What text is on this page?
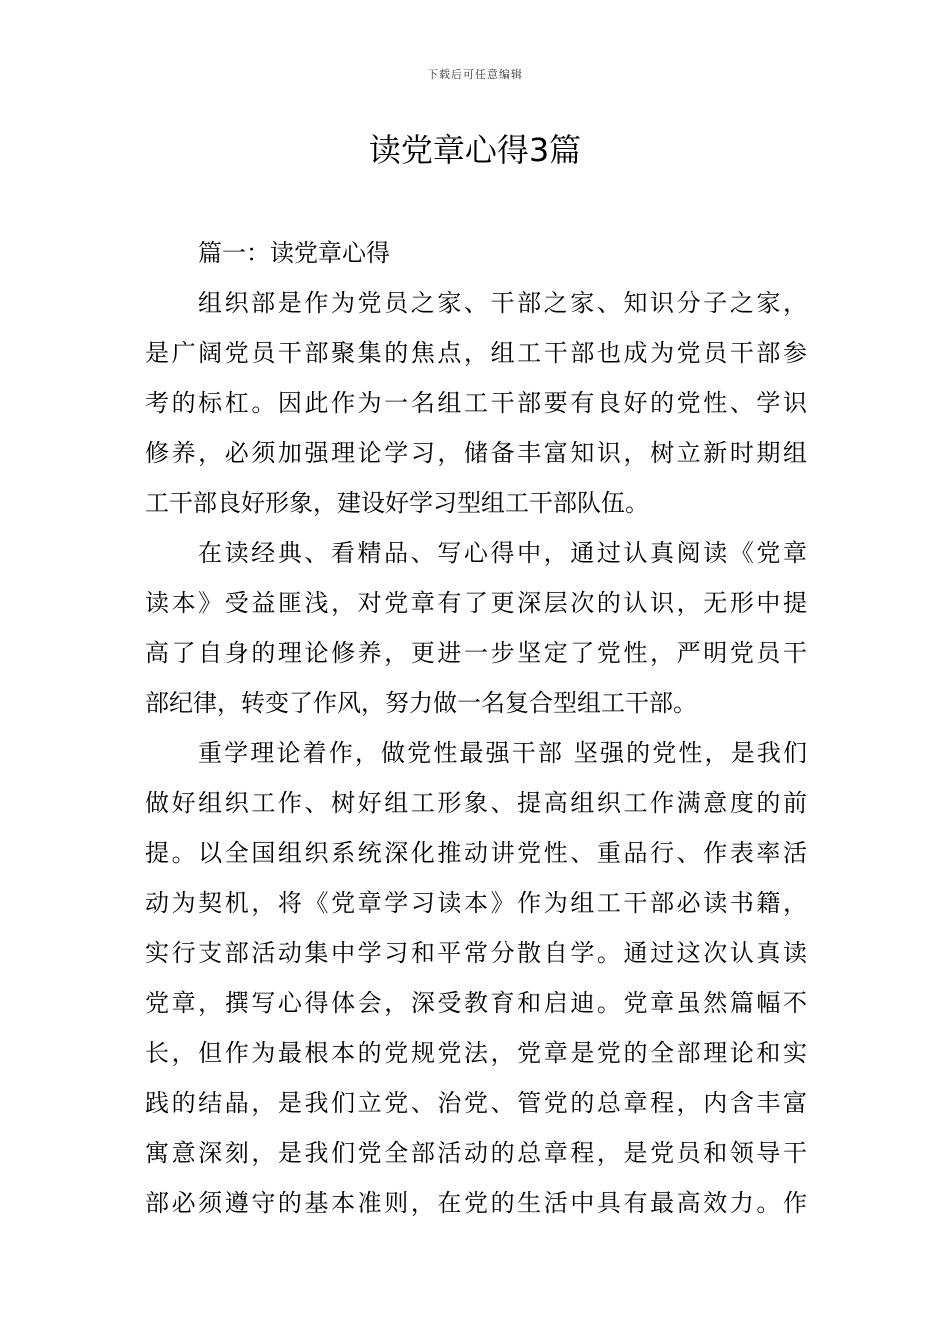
下载后可任意编辑
读党章心得3篇
篇一：读党章心得
组织部是作为党员之家、干部之家、知识分子之家，
是广阔党员干部聚集的焦点，组工干部也成为党员干部参
考的标杠。因此作为一名组工干部要有良好的党性、学识
修养，必须加强理论学习，储备丰富知识，树立新时期组
工干部良好形象，建设好学习型组工干部队伍。
在读经典、看精品、写心得中，通过认真阅读《党章
读本》受益匪浅，对党章有了更深层次的认识，无形中提
高了自身的理论修养，更进一步坚定了党性，严明党员干
部纪律，转变了作风，努力做一名复合型组工干部。
重学理论着作，做党性最强干部 坚强的党性，是我们
做好组织工作、树好组工形象、提高组织工作满意度的前
提。以全国组织系统深化推动讲党性、重品行、作表率活
动为契机，将《党章学习读本》作为组工干部必读书籍，
实行支部活动集中学习和平常分散自学。通过这次认真读
党章，撰写心得体会，深受教育和启迪。党章虽然篇幅不
长，但作为最根本的党规党法，党章是党的全部理论和实
践的结晶，是我们立党、治党、管党的总章程，内含丰富
寓意深刻，是我们党全部活动的总章程，是党员和领导干
部必须遵守的基本准则，在党的生活中具有最高效力。作
